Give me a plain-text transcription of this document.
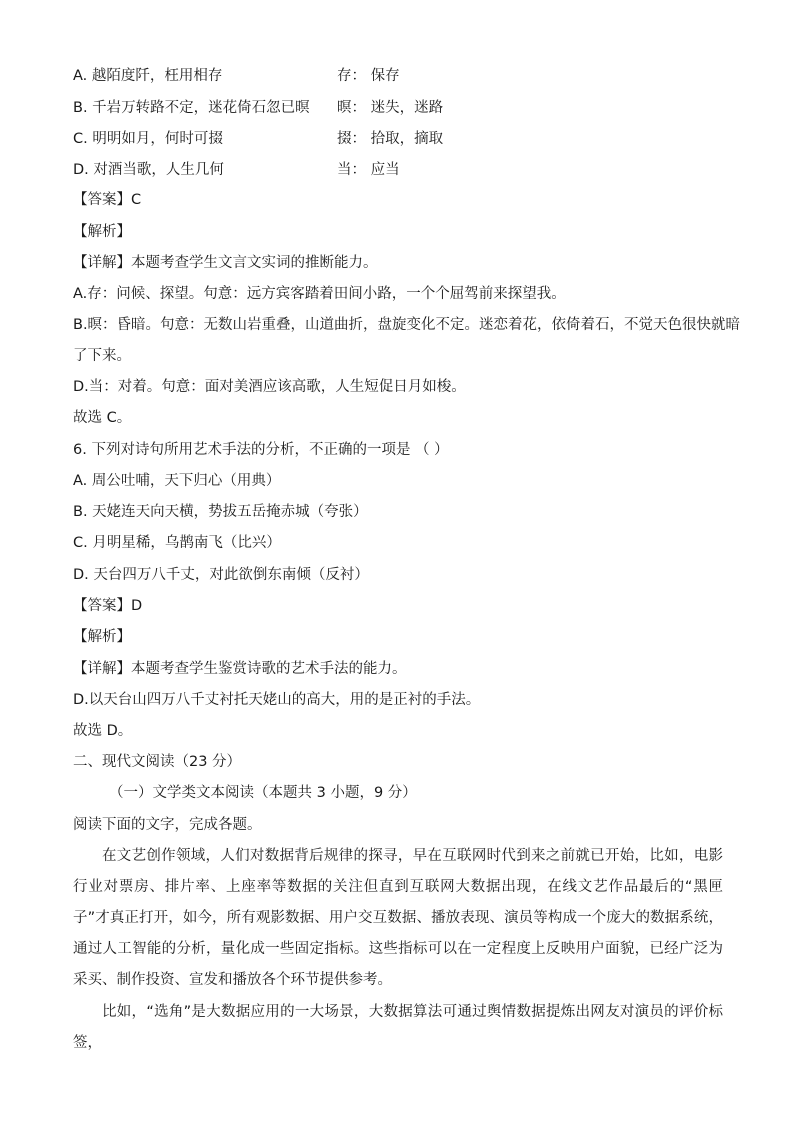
A. 越陌度阡，枉用相存	存： 保存
B. 千岩万转路不定，迷花倚石忽已暝 暝： 迷失，迷路
C. 明明如月，何时可掇	掇： 拾取，摘取
D. 对酒当歌，人生几何	当： 应当
【答案】C
【解析】
【详解】本题考查学生文言文实词的推断能力。
A.存：问候、探望。句意：远方宾客踏着田间小路，一个个屈驾前来探望我。
B.暝：昏暗。句意：无数山岩重叠，山道曲折，盘旋变化不定。迷恋着花，依倚着石，不觉天色很快就暗
了下来。
D.当：对着。句意：面对美酒应该高歌，人生短促日月如梭。
故选 C。
6. 下列对诗句所用艺术手法的分析，不正确的一项是 （ ）
A. 周公吐哺，天下归心（用典）
B. 天姥连天向天横，势拔五岳掩赤城（夸张）
C. 月明星稀，乌鹊南飞（比兴）
D. 天台四万八千丈，对此欲倒东南倾（反衬）
【答案】D
【解析】
【详解】本题考查学生鉴赏诗歌的艺术手法的能力。
D.以天台山四万八千丈衬托天姥山的高大，用的是正衬的手法。
故选 D。
二、现代文阅读（23 分）
（一）文学类文本阅读（本题共 3 小题，9 分）
阅读下面的文字，完成各题。
在文艺创作领域，人们对数据背后规律的探寻，早在互联网时代到来之前就已开始，比如，电影行业对票房、排片率、上座率等数据的关注但直到互联网大数据出现，在线文艺作品最后的“黑匣子”才真正打开，如今，所有观影数据、用户交互数据、播放表现、演员等构成一个庞大的数据系统，通过人工智能的分析，量化成一些固定指标。这些指标可以在一定程度上反映用户面貌，已经广泛为采买、制作投资、宣发和播放各个环节提供参考。
比如，“选角”是大数据应用的一大场景，大数据算法可通过舆情数据提炼出网友对演员的评价标签，
